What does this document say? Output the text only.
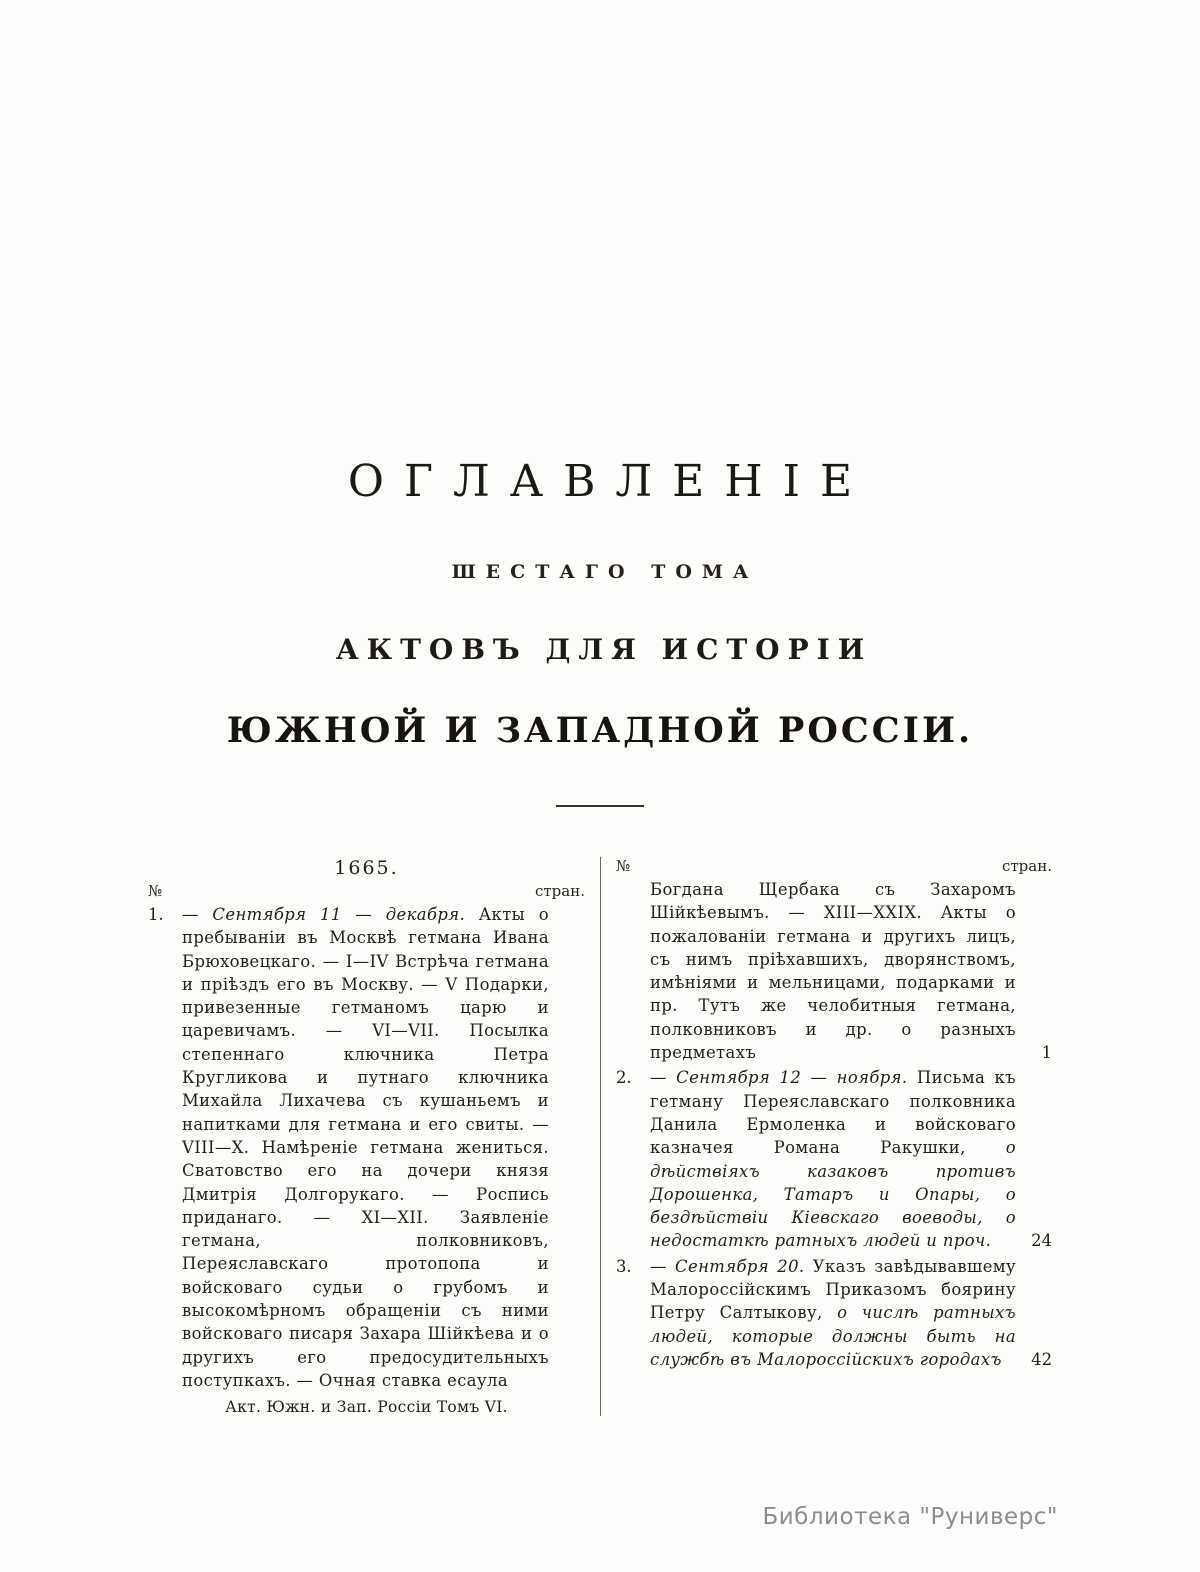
ОГЛАВЛЕНІЕ
ШЕСТАГО ТОМА
АКТОВЪ ДЛЯ ИСТОРІИ
ЮЖНОЙ И ЗАПАДНОЙ РОССІИ.
1665.
№	стран.
1.	— Сентября 11 — декабря. Акты о пребываніи въ Москвѣ гетмана Ивана Брюховецкаго. — I—IV Встрѣча гетмана и пріѣздъ его въ Москву. — V Подарки, привезенные гетманомъ царю и царевичамъ. — VI—VII. Посылка степеннаго ключника Петра Кругликова и путнаго ключника Михайла Лихачева съ кушаньемъ и напитками для гетмана и его свиты. — VIII—X. Намѣреніе гетмана жениться. Сватовство его на дочери князя Дмитрія Долгорукаго. — Роспись приданаго. — XI—XII. Заявленіе гетмана, полковниковъ, Переяславскаго протопопа и войсковаго судьи о грубомъ и высокомѣрномъ обращеніи съ ними войсковаго писаря Захара Шійкѣева и о другихъ его предосудительныхъ поступкахъ. — Очная ставка есаула

Акт. Южн. и Зап. Россіи Томъ VI.
№	стран.

Богдана Щербака съ Захаромъ Шійкѣевымъ. — XIII—XXIX. Акты о пожалованіи гетмана и другихъ лицъ, съ нимъ пріѣхавшихъ, дворянствомъ, имѣніями и мельницами, подарками и пр. Тутъ же челобитныя гетмана, полковниковъ и др. о разныхъ предметахъ	1
2.	— Сентября 12 — ноября. Письма къ гетману Переяславскаго полковника Данила Ермоленка и войсковаго казначея Романа Ракушки, о дѣйствіяхъ казаковъ противъ Дорошенка, Татаръ и Опары, о бездѣйствіи Кіевскаго воеводы, о недостаткѣ ратныхъ людей и проч.	24
3.	— Сентября 20. Указъ завѣдывавшему Малороссійскимъ Приказомъ боярину Петру Салтыкову, о числѣ ратныхъ людей, которые должны быть на службѣ въ Малороссійскихъ городахъ	42
Библиотека "Руниверс"
